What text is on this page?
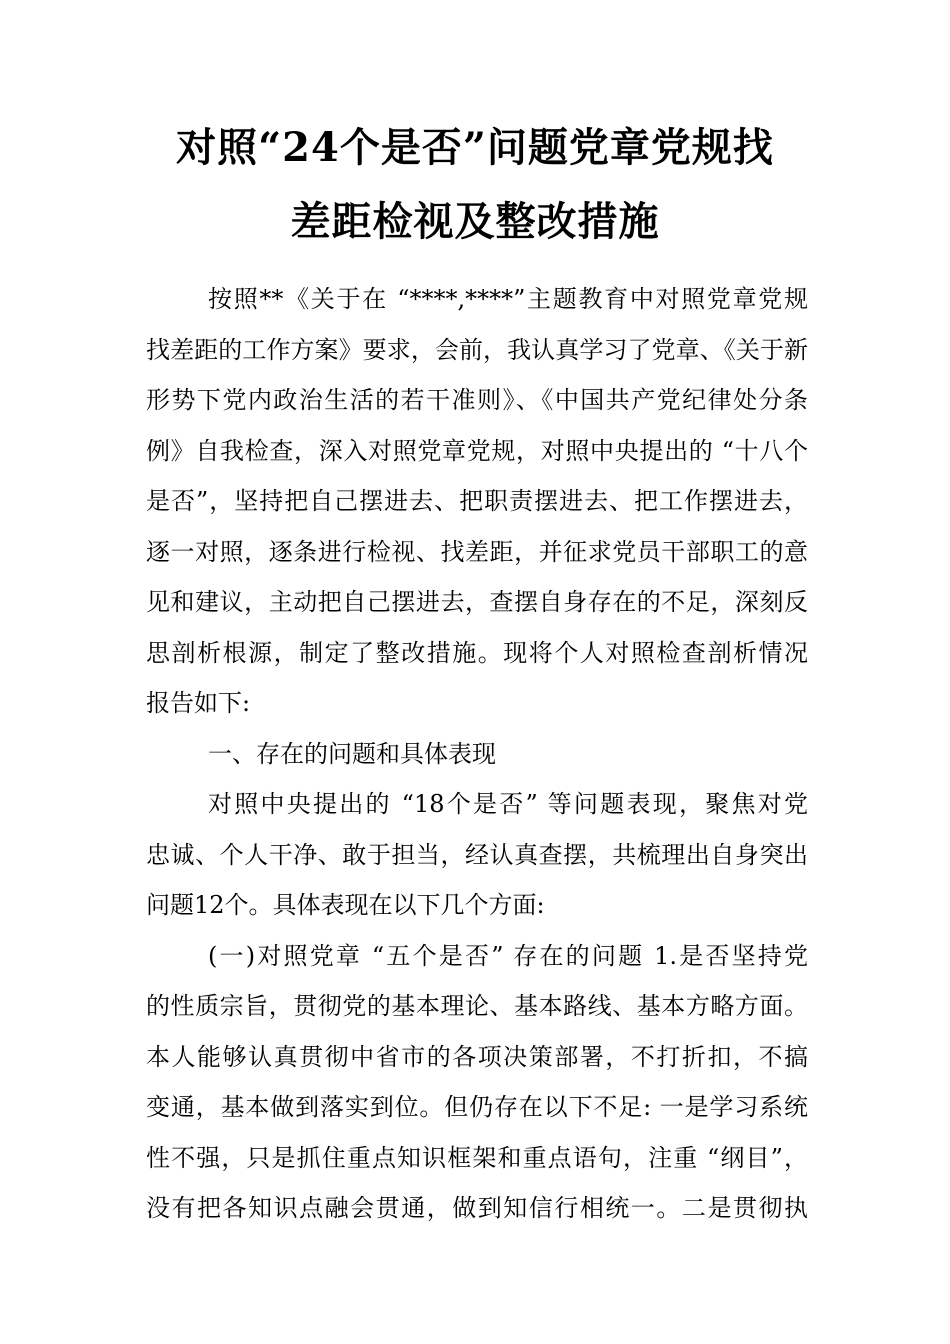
对照“24个是否”问题党章党规找
差距检视及整改措施
按照**《关于在 “****,****”主题教育中对照党章党规
找差距的工作方案》要求，会前，我认真学习了党章、《关于新
形势下党内政治生活的若干准则》、《中国共产党纪律处分条
例》自我检查，深入对照党章党规，对照中央提出的 “十八个
是否”，坚持把自己摆进去、把职责摆进去、把工作摆进去，
逐一对照，逐条进行检视、找差距，并征求党员干部职工的意
见和建议，主动把自己摆进去，查摆自身存在的不足，深刻反
思剖析根源，制定了整改措施。现将个人对照检查剖析情况
报告如下:
一、存在的问题和具体表现
对照中央提出的 “18个是否” 等问题表现，聚焦对党
忠诚、个人干净、敢于担当，经认真查摆，共梳理出自身突出
问题12个。具体表现在以下几个方面:
(一)对照党章 “五个是否” 存在的问题 1.是否坚持党
的性质宗旨，贯彻党的基本理论、基本路线、基本方略方面。
本人能够认真贯彻中省市的各项决策部署，不打折扣，不搞
变通，基本做到落实到位。但仍存在以下不足: 一是学习系统
性不强，只是抓住重点知识框架和重点语句，注重 “纲目”，
没有把各知识点融会贯通，做到知信行相统一。二是贯彻执
